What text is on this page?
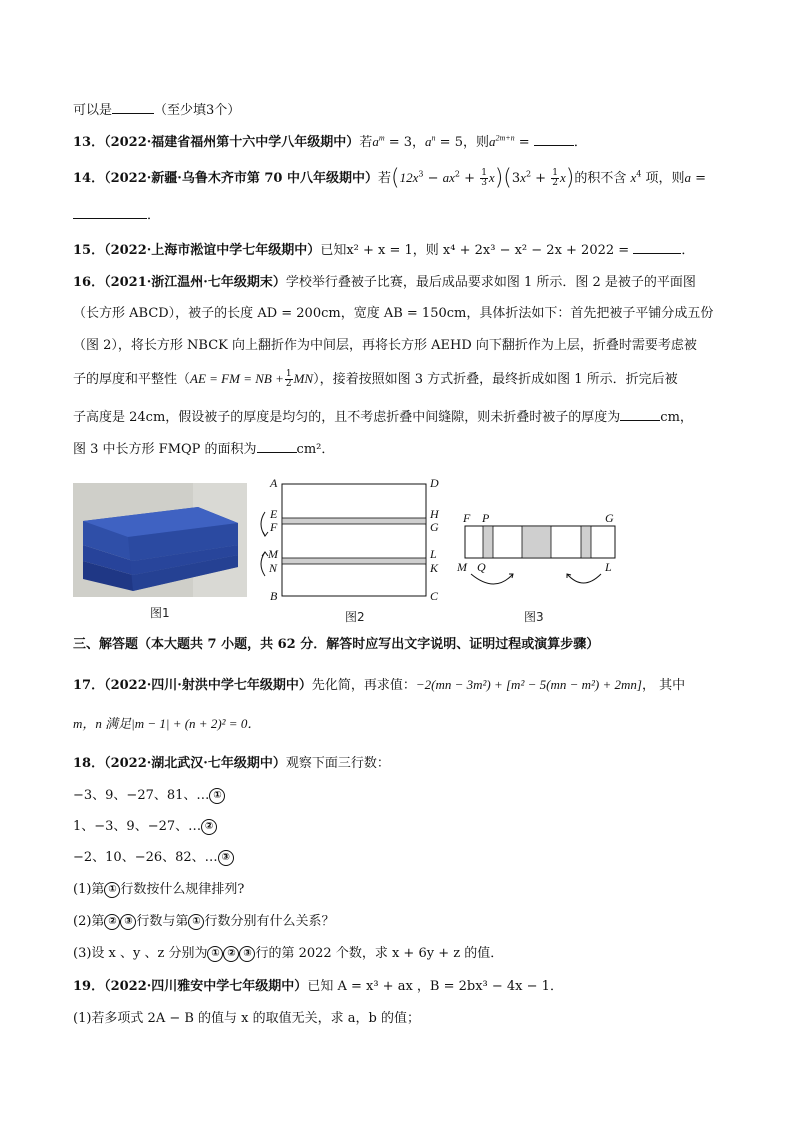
可以是	（至少填3个）
13．（2022·福建省福州第十六中学八年级期中）若$a^m = 3$，$a^n = 5$，则$a^{2m+n}$ =	．
14．（2022·新疆·乌鲁木齐市第 70 中八年级期中）若$(12x^3 - ax^2 + \frac{1}{3} x)(3x^2 + \frac{1}{2} x)$的积不含 $x^4$ 项，则a =
．
15．（2022·上海市淞谊中学七年级期中）已知x² + x = 1，则 x⁴ + 2x³ − x² − 2x + 2022 =	．
16．（2021·浙江温州·七年级期末）学校举行叠被子比赛，最后成品要求如图 1 所示．图 2 是被子的平面图
（长方形 ABCD），被子的长度 AD = 200cm，宽度 AB = 150cm，具体折法如下：首先把被子平铺分成五份
（图 2），将长方形 NBCK 向上翻折作为中间层，再将长方形 AEHD 向下翻折作为上层，折叠时需要考虑被
子的厚度和平整性（AE = FM = NB + $\frac{1}{2} MN$），接着按照如图 3 方式折叠，最终折成如图 1 所示．折完后被
子高度是 24cm，假设被子的厚度是均匀的，且不考虑折叠中间缝隙，则未折叠时被子的厚度为	cm，
图 3 中长方形 FMQP 的面积为	cm²．
图1
A	D
E	H
F	G
M	L
N	K
B	C
图2
F P	G
M Q	L
图3
三、解答题（本大题共 7 小题，共 62 分．解答时应写出文字说明、证明过程或演算步骤）
17．（2022·四川·射洪中学七年级期中）先化简，再求值：−2(mn − 3m²) + [m² − 5(mn − m²) + 2mn]， 其中
m，n 满足|m − 1| + (n + 2)² = 0．
18．（2022·湖北武汉·七年级期中）观察下面三行数：
−3、9、−27、81、… ①
1、−3、9、−27、… ②
−2、10、−26、82、… ③
(1)第 ① 行数按什么规律排列?
(2)第 ② ③ 行数与第 ① 行数分别有什么关系？
(3)设 x 、y 、z 分别为 ① ② ③ 行的第 2022 个数，求 x + 6y + z 的值．
19．（2022·四川雅安中学七年级期中）已知 A = x³ + ax ，B = 2bx³ − 4x − 1．
(1)若多项式 2A − B 的值与 x 的取值无关，求 a，b 的值；
